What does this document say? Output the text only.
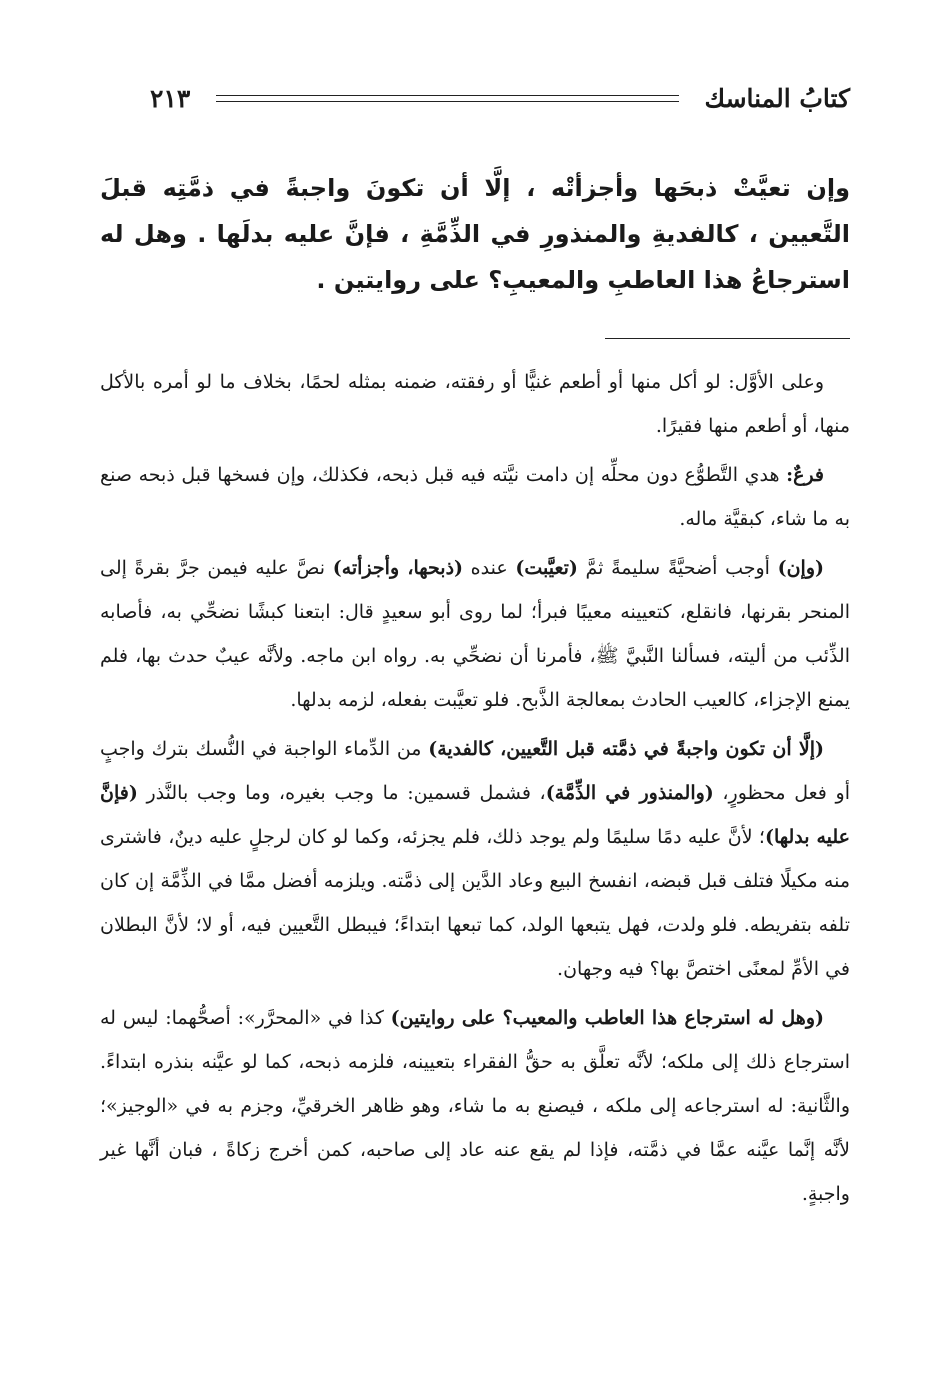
كتابُ المناسك
٢١٣
وإن تعيَّتْ ذبحَها وأجزأتْه ، إلَّا أن تكونَ واجبةً في ذمَّتِه قبلَ التَّعيين ، كالفديةِ والمنذورِ في الذِّمَّةِ ، فإنَّ عليه بدلَها . وهل له استرجاعُ هذا العاطبِ والمعيبِ؟ على روايتين .

وعلى الأوَّل: لو أكل منها أو أطعم غنيًّا أو رفقته، ضمنه بمثله لحمًا، بخلاف ما لو أمره بالأكل منها، أو أطعم منها فقيرًا.

فرعٌ: هدي التَّطوُّع دون محلِّه إن دامت نيَّته فيه قبل ذبحه، فكذلك، وإن فسخها قبل ذبحه صنع به ما شاء، كبقيَّة ماله.

(وإن) أوجب أضحيَّةً سليمةً ثمَّ (تعيَّبت) عنده (ذبحها، وأجزأته) نصَّ عليه فيمن جرَّ بقرةً إلى المنحر بقرنها، فانقلع، كتعيينه معيبًا فبرأ؛ لما روى أبو سعيدٍ قال: ابتعنا كبشًا نضحِّي به، فأصابه الذِّئب من أليته، فسألنا النَّبيَّ ﷺ، فأمرنا أن نضحِّي به. رواه ابن ماجه. ولأنَّه عيبٌ حدث بها، فلم يمنع الإجزاء، كالعيب الحادث بمعالجة الذَّبح. فلو تعيَّبت بفعله، لزمه بدلها.

(إلَّا أن تكون واجبةً في ذمَّته قبل التَّعيين، كالفدية) من الدِّماء الواجبة في النُّسك بترك واجبٍ أو فعل محظورٍ، (والمنذور في الذِّمَّة)، فشمل قسمين: ما وجب بغيره، وما وجب بالنَّذر (فإنَّ عليه بدلها)؛ لأنَّ عليه دمًا سليمًا ولم يوجد ذلك، فلم يجزئه، وكما لو كان لرجلٍ عليه دينٌ، فاشترى منه مكيلًا فتلف قبل قبضه، انفسخ البيع وعاد الدَّين إلى ذمَّته. ويلزمه أفضل ممَّا في الذِّمَّة إن كان تلفه بتفريطه. فلو ولدت، فهل يتبعها الولد، كما تبعها ابتداءً؛ فيبطل التَّعيين فيه، أو لا؛ لأنَّ البطلان في الأمِّ لمعنًى اختصَّ بها؟ فيه وجهان.

(وهل له استرجاع هذا العاطب والمعيب؟ على روايتين) كذا في «المحرَّر»: أصحُّهما: ليس له استرجاع ذلك إلى ملكه؛ لأنَّه تعلَّق به حقُّ الفقراء بتعيينه، فلزمه ذبحه، كما لو عيَّنه بنذره ابتداءً. والثَّانية: له استرجاعه إلى ملكه ، فيصنع به ما شاء، وهو ظاهر الخرقيِّ، وجزم به في «الوجيز»؛ لأنَّه إنَّما عيَّنه عمَّا في ذمَّته، فإذا لم يقع عنه عاد إلى صاحبه، كمن أخرج زكاةً ، فبان أنَّها غير واجبةٍ.
